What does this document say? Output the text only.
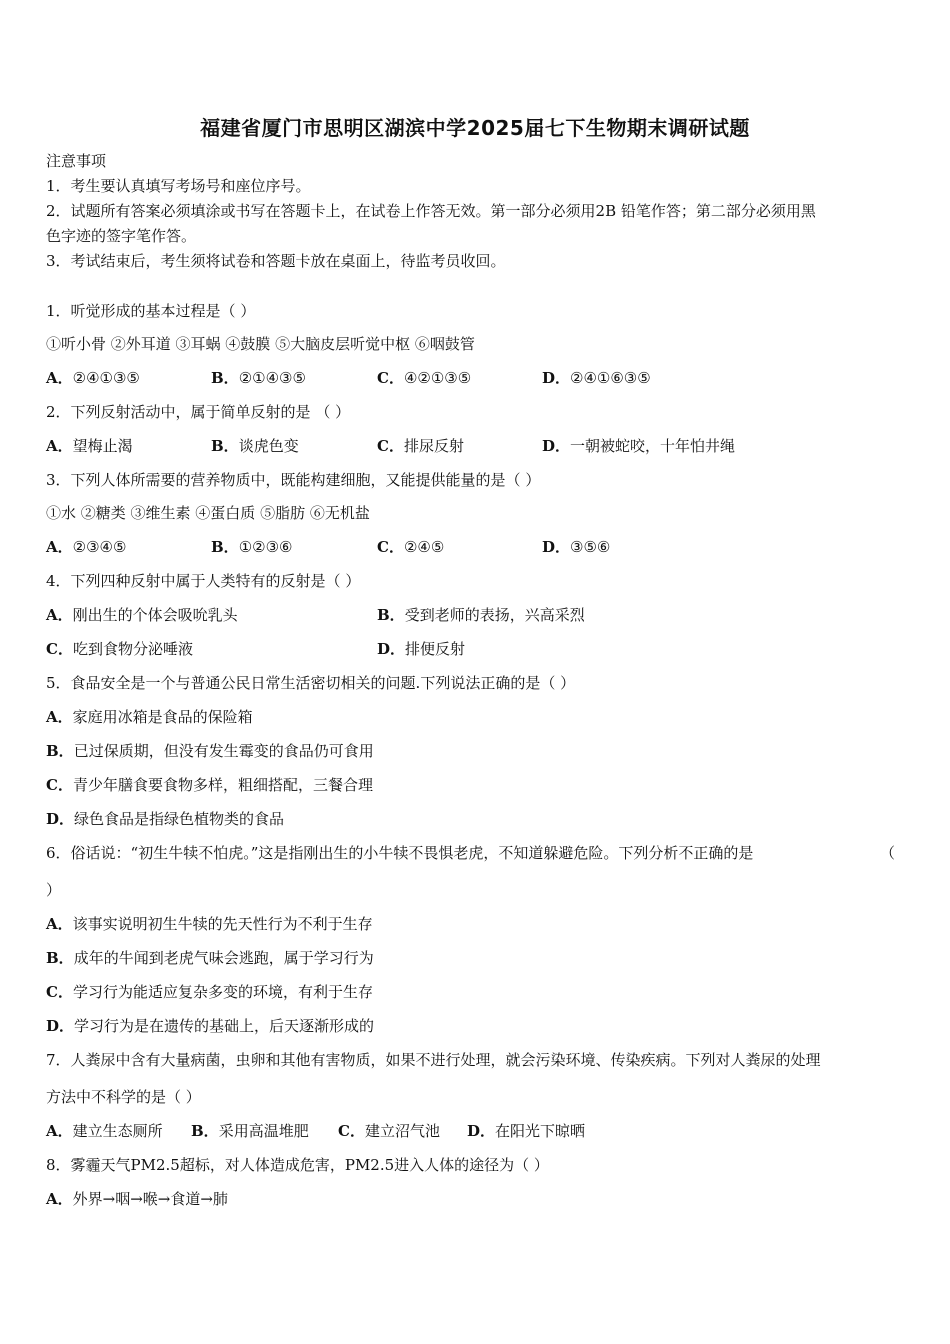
福建省厦门市思明区湖滨中学2025届七下生物期末调研试题
注意事项
1．考生要认真填写考场号和座位序号。
2．试题所有答案必须填涂或书写在答题卡上，在试卷上作答无效。第一部分必须用2B 铅笔作答；第二部分必须用黑
色字迹的签字笔作答。
3．考试结束后，考生须将试卷和答题卡放在桌面上，待监考员收回。
1．听觉形成的基本过程是（ ）
①听小骨 ②外耳道 ③耳蜗 ④鼓膜 ⑤大脑皮层听觉中枢 ⑥咽鼓管
A．②④①③⑤	B．②①④③⑤	C．④②①③⑤	D．②④①⑥③⑤
2．下列反射活动中，属于简单反射的是 （ ）
A．望梅止渴	B．谈虎色变	C．排尿反射	D．一朝被蛇咬，十年怕井绳
3．下列人体所需要的营养物质中，既能构建细胞，又能提供能量的是（ ）
①水 ②糖类 ③维生素 ④蛋白质 ⑤脂肪 ⑥无机盐
A．②③④⑤	B．①②③⑥	C．②④⑤	D．③⑤⑥
4．下列四种反射中属于人类特有的反射是（ ）
A．刚出生的个体会吸吮乳头	B．受到老师的表扬，兴高采烈
C．吃到食物分泌唾液	D．排便反射
5．食品安全是一个与普通公民日常生活密切相关的问题.下列说法正确的是（ ）
A．家庭用冰箱是食品的保险箱
B．已过保质期，但没有发生霉变的食品仍可食用
C．青少年膳食要食物多样，粗细搭配，三餐合理
D．绿色食品是指绿色植物类的食品
6．俗话说：“初生牛犊不怕虎。”这是指刚出生的小牛犊不畏惧老虎，不知道躲避危险。下列分析不正确的是	（
）
A．该事实说明初生牛犊的先天性行为不利于生存
B．成年的牛闻到老虎气味会逃跑，属于学习行为
C．学习行为能适应复杂多变的环境，有利于生存
D．学习行为是在遗传的基础上，后天逐渐形成的
7．人粪尿中含有大量病菌，虫卵和其他有害物质，如果不进行处理，就会污染环境、传染疾病。下列对人粪尿的处理
方法中不科学的是（ ）
A．建立生态厕所 B．采用高温堆肥 C．建立沼气池 D．在阳光下晾晒
8．雾霾天气PM2.5超标，对人体造成危害，PM2.5进入人体的途径为（ ）
A．外界→咽→喉→食道→肺
